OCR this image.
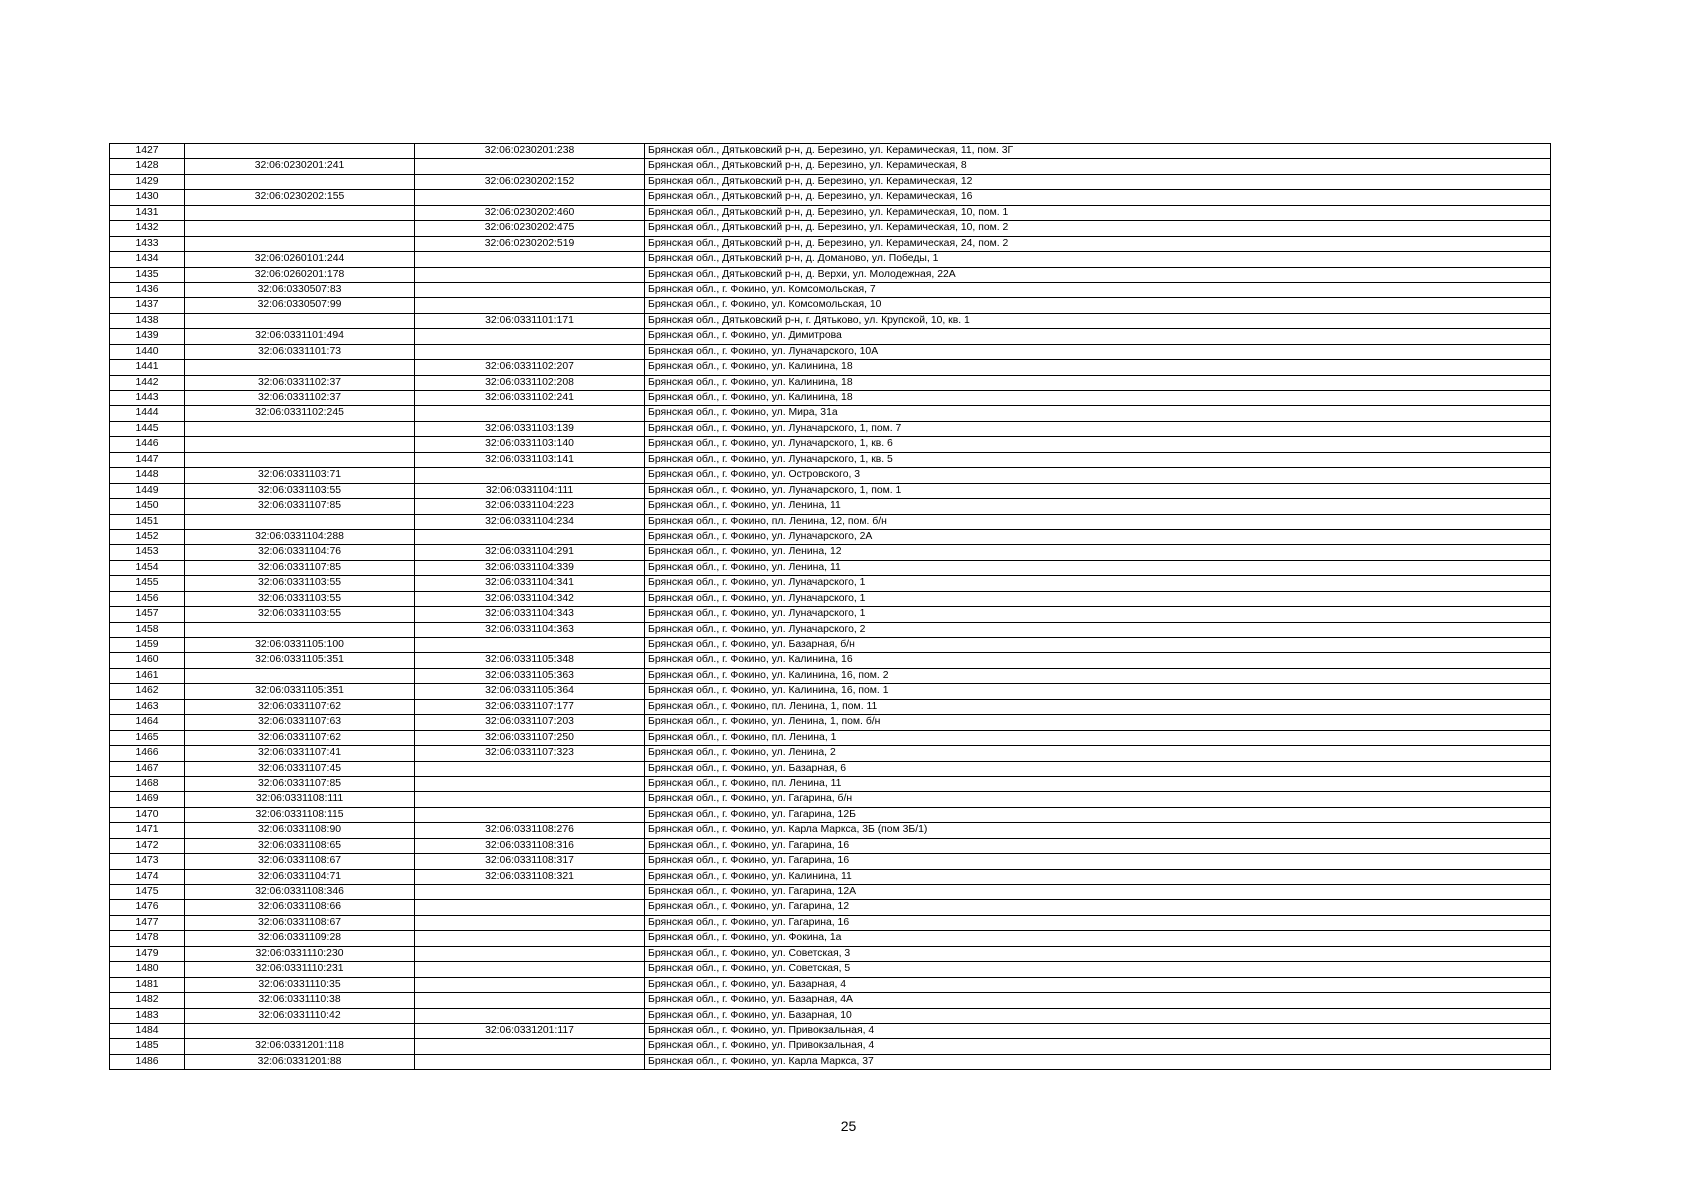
1427		32:06:0230201:238	Брянская обл., Дятьковский р-н, д. Березино, ул. Керамическая, 11, пом. 3Г
1428	32:06:0230201:241		Брянская обл., Дятьковский р-н, д. Березино, ул. Керамическая, 8
1429		32:06:0230202:152	Брянская обл., Дятьковский р-н, д. Березино, ул. Керамическая, 12
1430	32:06:0230202:155		Брянская обл., Дятьковский р-н, д. Березино, ул. Керамическая, 16
1431		32:06:0230202:460	Брянская обл., Дятьковский р-н, д. Березино, ул. Керамическая, 10, пом. 1
1432		32:06:0230202:475	Брянская обл., Дятьковский р-н, д. Березино, ул. Керамическая, 10, пом. 2
1433		32:06:0230202:519	Брянская обл., Дятьковский р-н, д. Березино, ул. Керамическая, 24, пом. 2
1434	32:06:0260101:244		Брянская обл., Дятьковский р-н, д. Доманово, ул. Победы, 1
1435	32:06:0260201:178		Брянская обл., Дятьковский р-н, д. Верхи, ул. Молодежная, 22А
1436	32:06:0330507:83		Брянская обл., г. Фокино, ул. Комсомольская, 7
1437	32:06:0330507:99		Брянская обл., г. Фокино, ул. Комсомольская, 10
1438		32:06:0331101:171	Брянская обл., Дятьковский р-н, г. Дятьково, ул. Крупской, 10, кв. 1
1439	32:06:0331101:494		Брянская обл., г. Фокино, ул. Димитрова
1440	32:06:0331101:73		Брянская обл., г. Фокино, ул. Луначарского, 10А
1441		32:06:0331102:207	Брянская обл., г. Фокино, ул. Калинина, 18
1442	32:06:0331102:37	32:06:0331102:208	Брянская обл., г. Фокино, ул. Калинина, 18
1443	32:06:0331102:37	32:06:0331102:241	Брянская обл., г. Фокино, ул. Калинина, 18
1444	32:06:0331102:245		Брянская обл., г. Фокино, ул. Мира, 31а
1445		32:06:0331103:139	Брянская обл., г. Фокино, ул. Луначарского, 1, пом. 7
1446		32:06:0331103:140	Брянская обл., г. Фокино, ул. Луначарского, 1, кв. 6
1447		32:06:0331103:141	Брянская обл., г. Фокино, ул. Луначарского, 1, кв. 5
1448	32:06:0331103:71		Брянская обл., г. Фокино, ул. Островского, 3
1449	32:06:0331103:55	32:06:0331104:111	Брянская обл., г. Фокино, ул. Луначарского, 1, пом. 1
1450	32:06:0331107:85	32:06:0331104:223	Брянская обл., г. Фокино, ул. Ленина, 11
1451		32:06:0331104:234	Брянская обл., г. Фокино, пл. Ленина, 12, пом. б/н
1452	32:06:0331104:288		Брянская обл., г. Фокино, ул. Луначарского, 2А
1453	32:06:0331104:76	32:06:0331104:291	Брянская обл., г. Фокино, ул. Ленина, 12
1454	32:06:0331107:85	32:06:0331104:339	Брянская обл., г. Фокино, ул. Ленина, 11
1455	32:06:0331103:55	32:06:0331104:341	Брянская обл., г. Фокино, ул. Луначарского, 1
1456	32:06:0331103:55	32:06:0331104:342	Брянская обл., г. Фокино, ул. Луначарского, 1
1457	32:06:0331103:55	32:06:0331104:343	Брянская обл., г. Фокино, ул. Луначарского, 1
1458		32:06:0331104:363	Брянская обл., г. Фокино, ул. Луначарского, 2
1459	32:06:0331105:100		Брянская обл., г. Фокино, ул. Базарная, б/н
1460	32:06:0331105:351	32:06:0331105:348	Брянская обл., г. Фокино, ул. Калинина, 16
1461		32:06:0331105:363	Брянская обл., г. Фокино, ул. Калинина, 16, пом. 2
1462	32:06:0331105:351	32:06:0331105:364	Брянская обл., г. Фокино, ул. Калинина, 16, пом. 1
1463	32:06:0331107:62	32:06:0331107:177	Брянская обл., г. Фокино, пл. Ленина, 1, пом. 11
1464	32:06:0331107:63	32:06:0331107:203	Брянская обл., г. Фокино, ул. Ленина, 1, пом. б/н
1465	32:06:0331107:62	32:06:0331107:250	Брянская обл., г. Фокино, пл. Ленина, 1
1466	32:06:0331107:41	32:06:0331107:323	Брянская обл., г. Фокино, ул. Ленина, 2
1467	32:06:0331107:45		Брянская обл., г. Фокино, ул. Базарная, 6
1468	32:06:0331107:85		Брянская обл., г. Фокино, пл. Ленина, 11
1469	32:06:0331108:111		Брянская обл., г. Фокино, ул. Гагарина, б/н
1470	32:06:0331108:115		Брянская обл., г. Фокино, ул. Гагарина, 12Б
1471	32:06:0331108:90	32:06:0331108:276	Брянская обл., г. Фокино, ул. Карла Маркса, 3Б (пом 3Б/1)
1472	32:06:0331108:65	32:06:0331108:316	Брянская обл., г. Фокино, ул. Гагарина, 16
1473	32:06:0331108:67	32:06:0331108:317	Брянская обл., г. Фокино, ул. Гагарина, 16
1474	32:06:0331104:71	32:06:0331108:321	Брянская обл., г. Фокино, ул. Калинина, 11
1475	32:06:0331108:346		Брянская обл., г. Фокино, ул. Гагарина, 12А
1476	32:06:0331108:66		Брянская обл., г. Фокино, ул. Гагарина, 12
1477	32:06:0331108:67		Брянская обл., г. Фокино, ул. Гагарина, 16
1478	32:06:0331109:28		Брянская обл., г. Фокино, ул. Фокина, 1а
1479	32:06:0331110:230		Брянская обл., г. Фокино, ул. Советская, 3
1480	32:06:0331110:231		Брянская обл., г. Фокино, ул. Советская, 5
1481	32:06:0331110:35		Брянская обл., г. Фокино, ул. Базарная, 4
1482	32:06:0331110:38		Брянская обл., г. Фокино, ул. Базарная, 4А
1483	32:06:0331110:42		Брянская обл., г. Фокино, ул. Базарная, 10
1484		32:06:0331201:117	Брянская обл., г. Фокино, ул. Привокзальная, 4
1485	32:06:0331201:118		Брянская обл., г. Фокино, ул. Привокзальная, 4
1486	32:06:0331201:88		Брянская обл., г. Фокино, ул. Карла Маркса, 37
25
